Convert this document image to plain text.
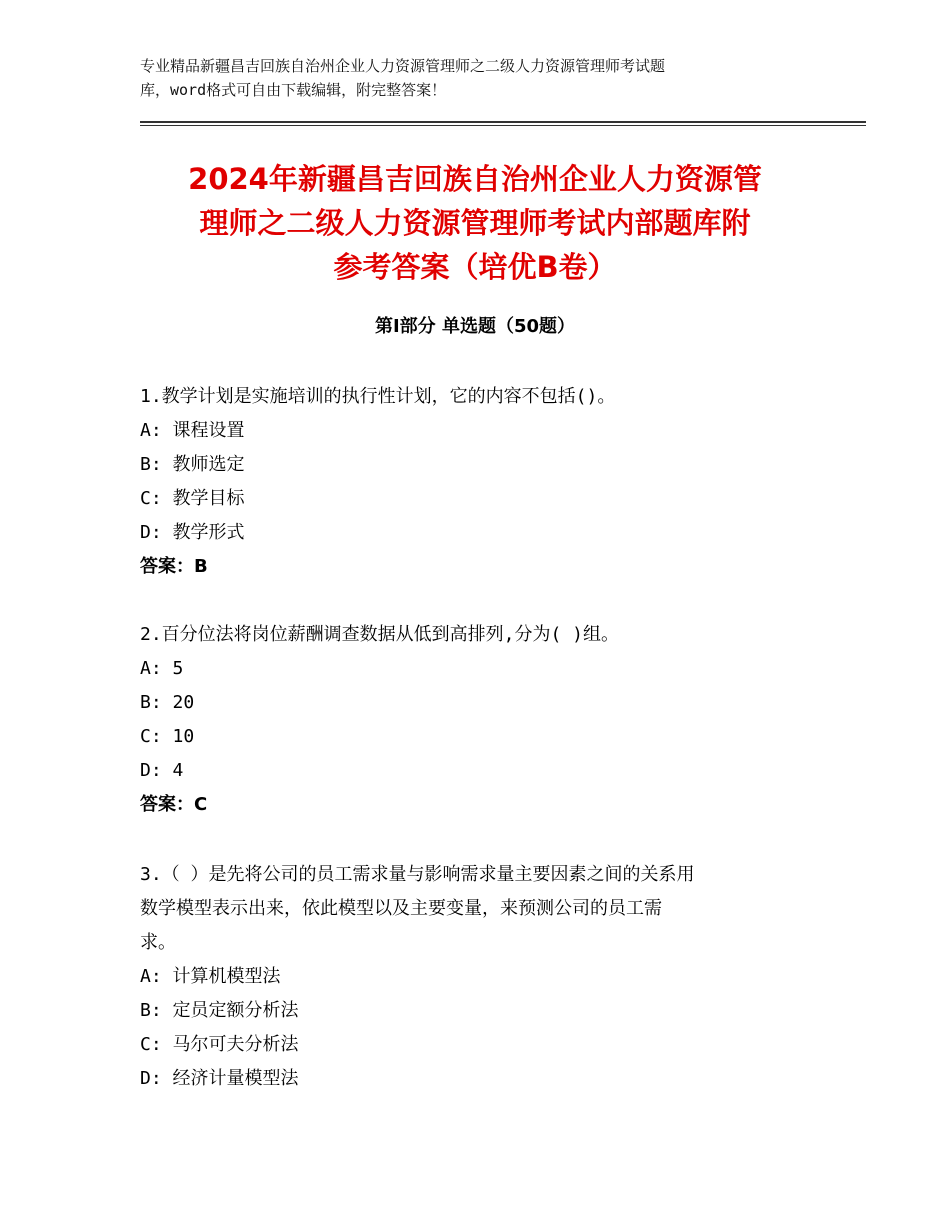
专业精品新疆昌吉回族自治州企业人力资源管理师之二级人力资源管理师考试题
库，word格式可自由下载编辑，附完整答案！
2024年新疆昌吉回族自治州企业人力资源管
理师之二级人力资源管理师考试内部题库附
参考答案（培优B卷）
第Ⅰ部分 单选题（50题）

1.教学计划是实施培训的执行性计划，它的内容不包括()。

A: 课程设置

B: 教师选定

C: 教学目标

D: 教学形式

答案：B

2.百分位法将岗位薪酬调查数据从低到高排列,分为( )组。

A: 5

B: 20

C: 10

D: 4

答案：C

3.（ ）是先将公司的员工需求量与影响需求量主要因素之间的关系用

数学模型表示出来，依此模型以及主要变量，来预测公司的员工需

求。

A: 计算机模型法

B: 定员定额分析法

C: 马尔可夫分析法

D: 经济计量模型法
